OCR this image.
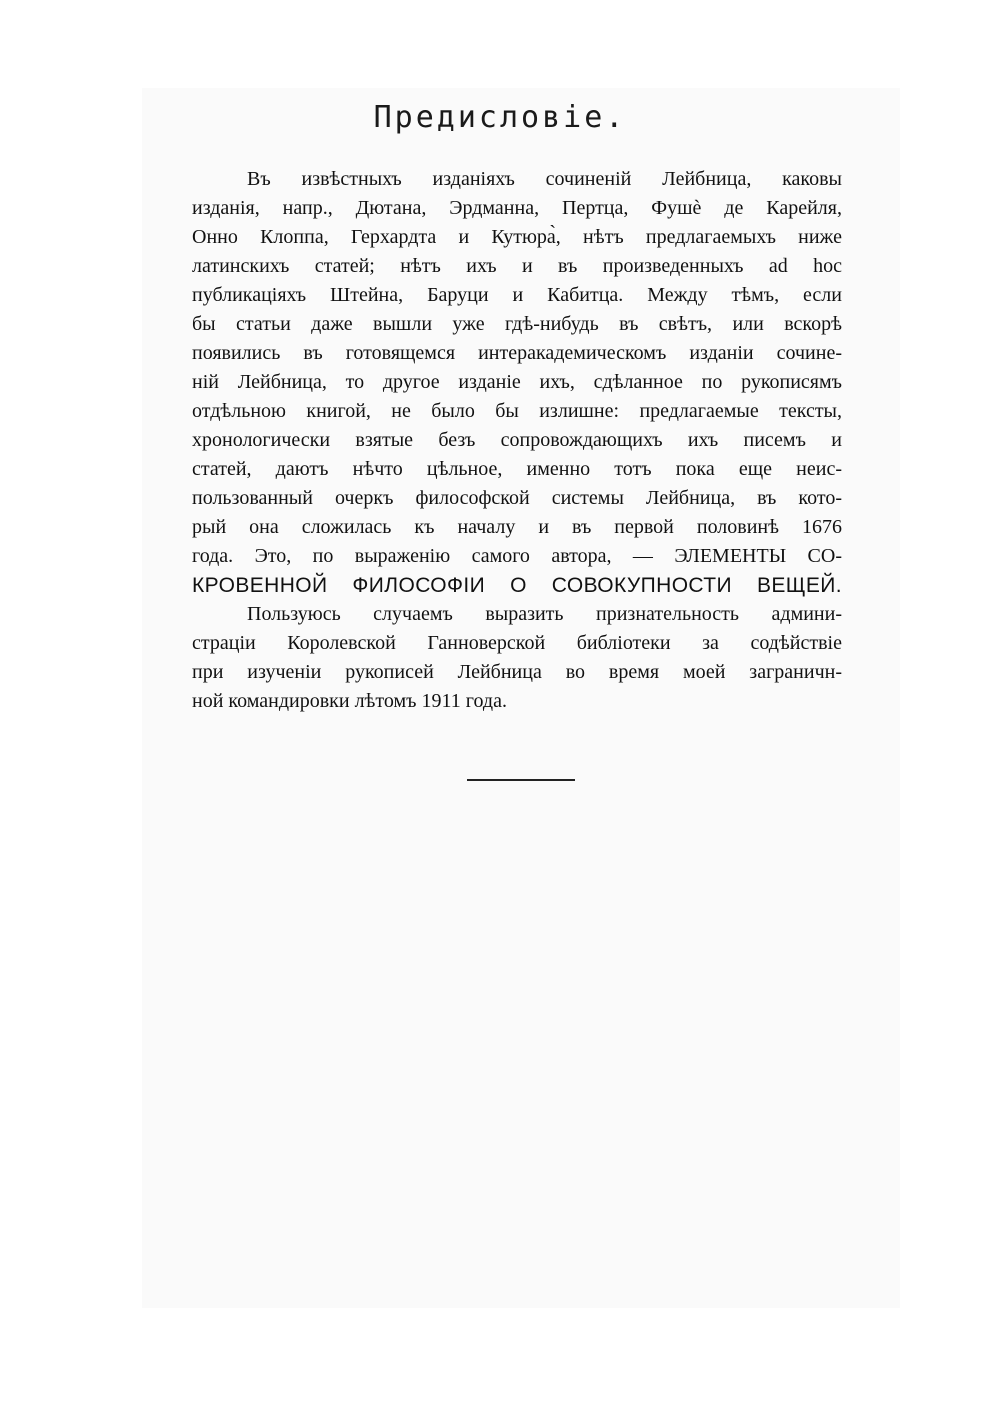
Предисловіе.
Въ извѣстныхъ изданіяхъ сочиненій Лейбница, каковы
изданія, напр., Дютана, Эрдманна, Пертца, Фушѐ де Карейля,
Онно Клоппа, Герхардта и Кутюра̀, нѣтъ предлагаемыхъ ниже
латинскихъ статей; нѣтъ ихъ и въ произведенныхъ ad hoc
публикаціяхъ Штейна, Баруци и Кабитца. Между тѣмъ, если
бы статьи даже вышли уже гдѣ-нибудь въ свѣтъ, или вскорѣ
появились въ готовящемся интеракадемическомъ изданіи сочине-
ній Лейбница, то другое изданіе ихъ, сдѣланное по рукописямъ
отдѣльною книгой, не было бы излишне: предлагаемые тексты,
хронологически взятые безъ сопровождающихъ ихъ писемъ и
статей, даютъ нѣчто цѣльное, именно тотъ пока еще неис-
пользованный очеркъ философской системы Лейбница, въ кото-
рый она сложилась къ началу и въ первой половинѣ 1676
года. Это, по выраженію самого автора, — ЭЛЕМЕНТЫ СО-
КРОВЕННОЙ ФИЛОСОФІИ О СОВОКУПНОСТИ ВЕЩЕЙ.
Пользуюсь случаемъ выразить признательность админи-
страціи Королевской Ганноверской библіотеки за содѣйствіе
при изученіи рукописей Лейбница во время моей заграничн-
ной командировки лѣтомъ 1911 года.
